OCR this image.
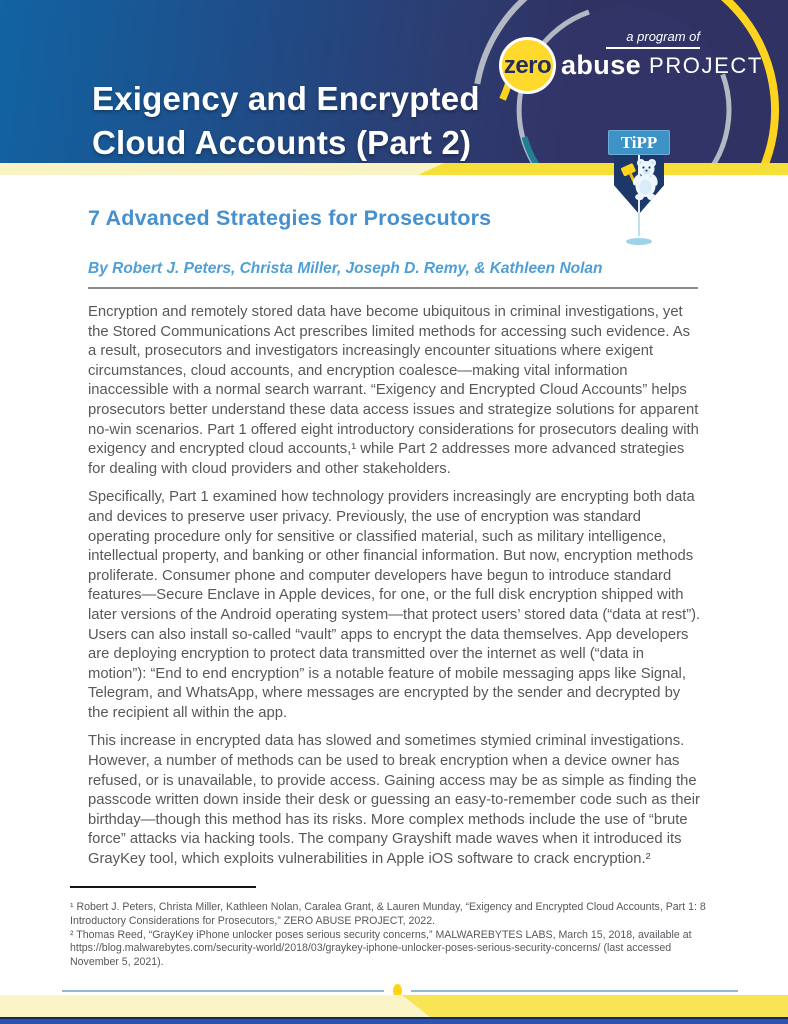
a program of
zero abuse PROJECT
Exigency and Encrypted
Cloud Accounts (Part 2)	TiPP
7 Advanced Strategies for Prosecutors
By Robert J. Peters, Christa Miller, Joseph D. Remy, & Kathleen Nolan

Encryption and remotely stored data have become ubiquitous in criminal investigations, yet the Stored Communications Act prescribes limited methods for accessing such evidence. As a result, prosecutors and investigators increasingly encounter situations where exigent circumstances, cloud accounts, and encryption coalesce—making vital information inaccessible with a normal search warrant. “Exigency and Encrypted Cloud Accounts” helps prosecutors better understand these data access issues and strategize solutions for apparent no-win scenarios. Part 1 offered eight introductory considerations for prosecutors dealing with exigency and encrypted cloud accounts,¹ while Part 2 addresses more advanced strategies for dealing with cloud providers and other stakeholders.

Specifically, Part 1 examined how technology providers increasingly are encrypting both data and devices to preserve user privacy. Previously, the use of encryption was standard operating procedure only for sensitive or classified material, such as military intelligence, intellectual property, and banking or other financial information. But now, encryption methods proliferate. Consumer phone and computer developers have begun to introduce standard features—Secure Enclave in Apple devices, for one, or the full disk encryption shipped with later versions of the Android operating system—that protect users’ stored data (“data at rest”). Users can also install so-called “vault” apps to encrypt the data themselves. App developers are deploying encryption to protect data transmitted over the internet as well (“data in motion”): “End to end encryption” is a notable feature of mobile messaging apps like Signal, Telegram, and WhatsApp, where messages are encrypted by the sender and decrypted by the recipient all within the app.

This increase in encrypted data has slowed and sometimes stymied criminal investigations. However, a number of methods can be used to break encryption when a device owner has refused, or is unavailable, to provide access. Gaining access may be as simple as finding the passcode written down inside their desk or guessing an easy-to-remember code such as their birthday—though this method has its risks. More complex methods include the use of “brute force” attacks via hacking tools. The company Grayshift made waves when it introduced its GrayKey tool, which exploits vulnerabilities in Apple iOS software to crack encryption.²

¹ Robert J. Peters, Christa Miller, Kathleen Nolan, Caralea Grant, & Lauren Munday, “Exigency and Encrypted Cloud Accounts, Part 1: 8 Introductory Considerations for Prosecutors,” ZERO ABUSE PROJECT, 2022.
² Thomas Reed, “GrayKey iPhone unlocker poses serious security concerns,” MALWAREBYTES LABS, March 15, 2018, available at https://blog.malwarebytes.com/security-world/2018/03/graykey-iphone-unlocker-poses-serious-security-concerns/ (last accessed November 5, 2021).
